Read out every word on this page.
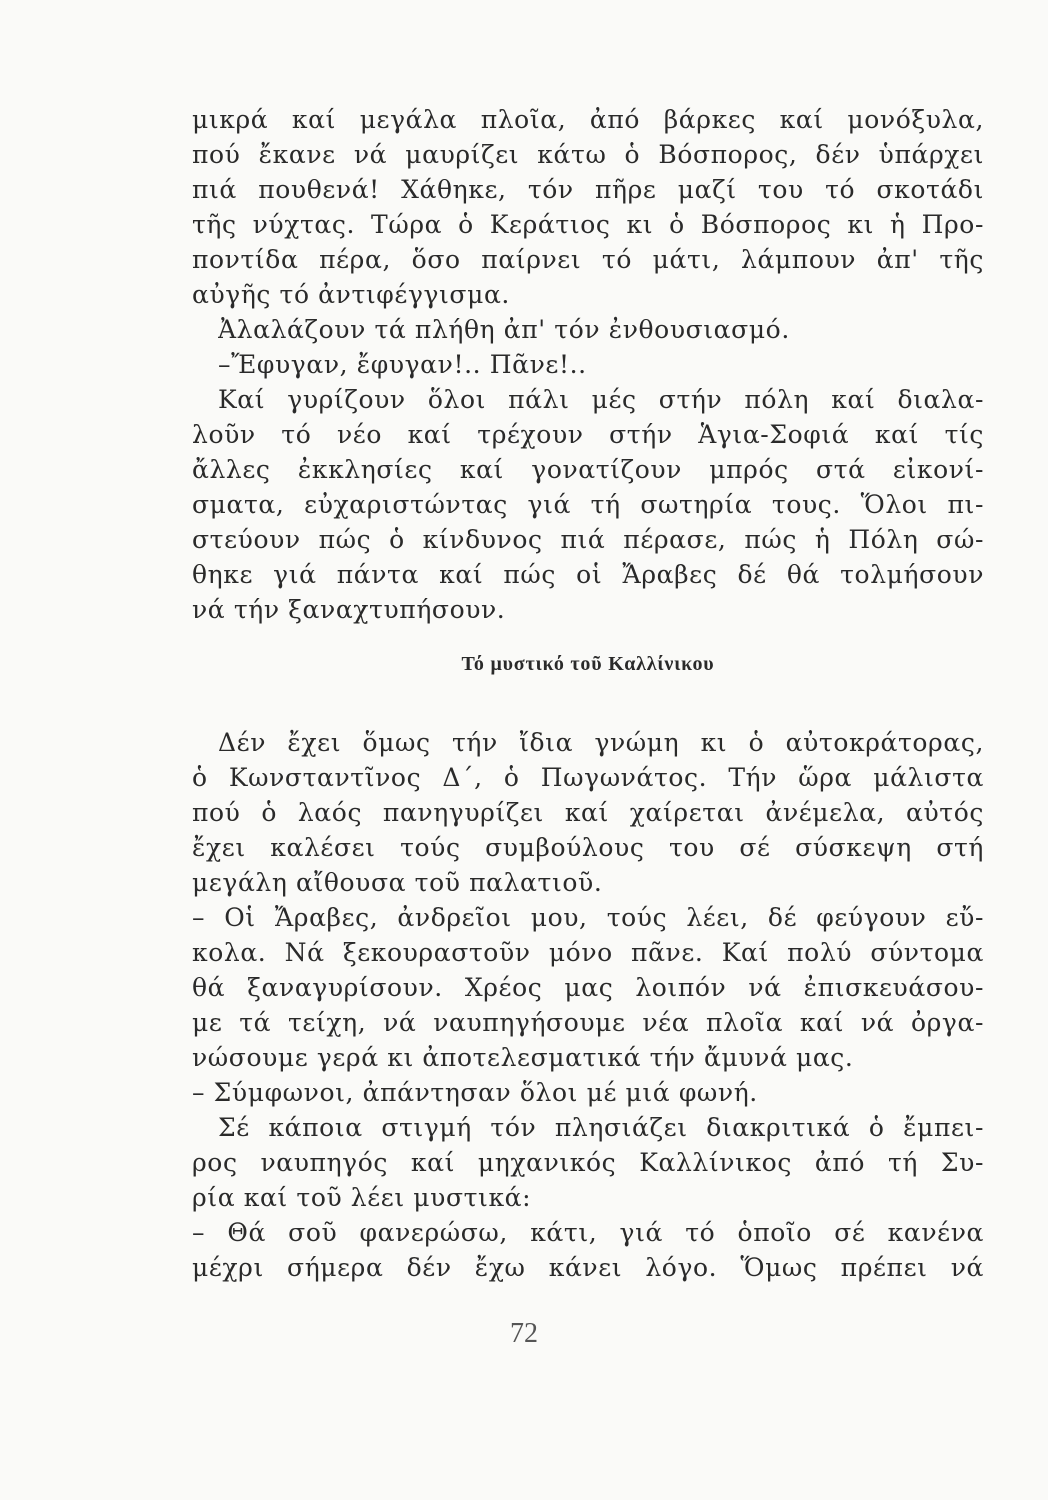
μικρά καί μεγάλα πλοῖα, ἀπό βάρκες καί μονόξυλα,
πού ἔκανε νά μαυρίζει κάτω ὁ Βόσπορος, δέν ὑπάρχει
πιά πουθενά! Χάθηκε, τόν πῆρε μαζί του τό σκοτάδι
τῆς νύχτας. Τώρα ὁ Κεράτιος κι ὁ Βόσπορος κι ἡ Προ-
ποντίδα πέρα, ὅσο παίρνει τό μάτι, λάμπουν ἀπ' τῆς
αὐγῆς τό ἀντιφέγγισμα.
Ἀλαλάζουν τά πλήθη ἀπ' τόν ἐνθουσιασμό.
–Ἔφυγαν, ἔφυγαν!.. Πᾶνε!..
Καί γυρίζουν ὅλοι πάλι μές στήν πόλη καί διαλα-
λοῦν τό νέο καί τρέχουν στήν Ἁγια-Σοφιά καί τίς
ἄλλες ἐκκλησίες καί γονατίζουν μπρός στά εἰκονί-
σματα, εὐχαριστώντας γιά τή σωτηρία τους. Ὅλοι πι-
στεύουν πώς ὁ κίνδυνος πιά πέρασε, πώς ἡ Πόλη σώ-
θηκε γιά πάντα καί πώς οἱ Ἄραβες δέ θά τολμήσουν
νά τήν ξαναχτυπήσουν.
Τό μυστικό τοῦ Καλλίνικου
Δέν ἔχει ὅμως τήν ἴδια γνώμη κι ὁ αὐτοκράτορας,
ὁ Κωνσταντῖνος Δ΄, ὁ Πωγωνάτος. Τήν ὥρα μάλιστα
πού ὁ λαός πανηγυρίζει καί χαίρεται ἀνέμελα, αὐτός
ἔχει καλέσει τούς συμβούλους του σέ σύσκεψη στή
μεγάλη αἴθουσα τοῦ παλατιοῦ.
– Οἱ Ἄραβες, ἀνδρεῖοι μου, τούς λέει, δέ φεύγουν εὔ-
κολα. Νά ξεκουραστοῦν μόνο πᾶνε. Καί πολύ σύντομα
θά ξαναγυρίσουν. Χρέος μας λοιπόν νά ἐπισκευάσου-
με τά τείχη, νά ναυπηγήσουμε νέα πλοῖα καί νά ὀργα-
νώσουμε γερά κι ἀποτελεσματικά τήν ἄμυνά μας.
– Σύμφωνοι, ἀπάντησαν ὅλοι μέ μιά φωνή.
Σέ κάποια στιγμή τόν πλησιάζει διακριτικά ὁ ἔμπει-
ρος ναυπηγός καί μηχανικός Καλλίνικος ἀπό τή Συ-
ρία καί τοῦ λέει μυστικά:
– Θά σοῦ φανερώσω, κάτι, γιά τό ὁποῖο σέ κανένα
μέχρι σήμερα δέν ἔχω κάνει λόγο. Ὅμως πρέπει νά
72
